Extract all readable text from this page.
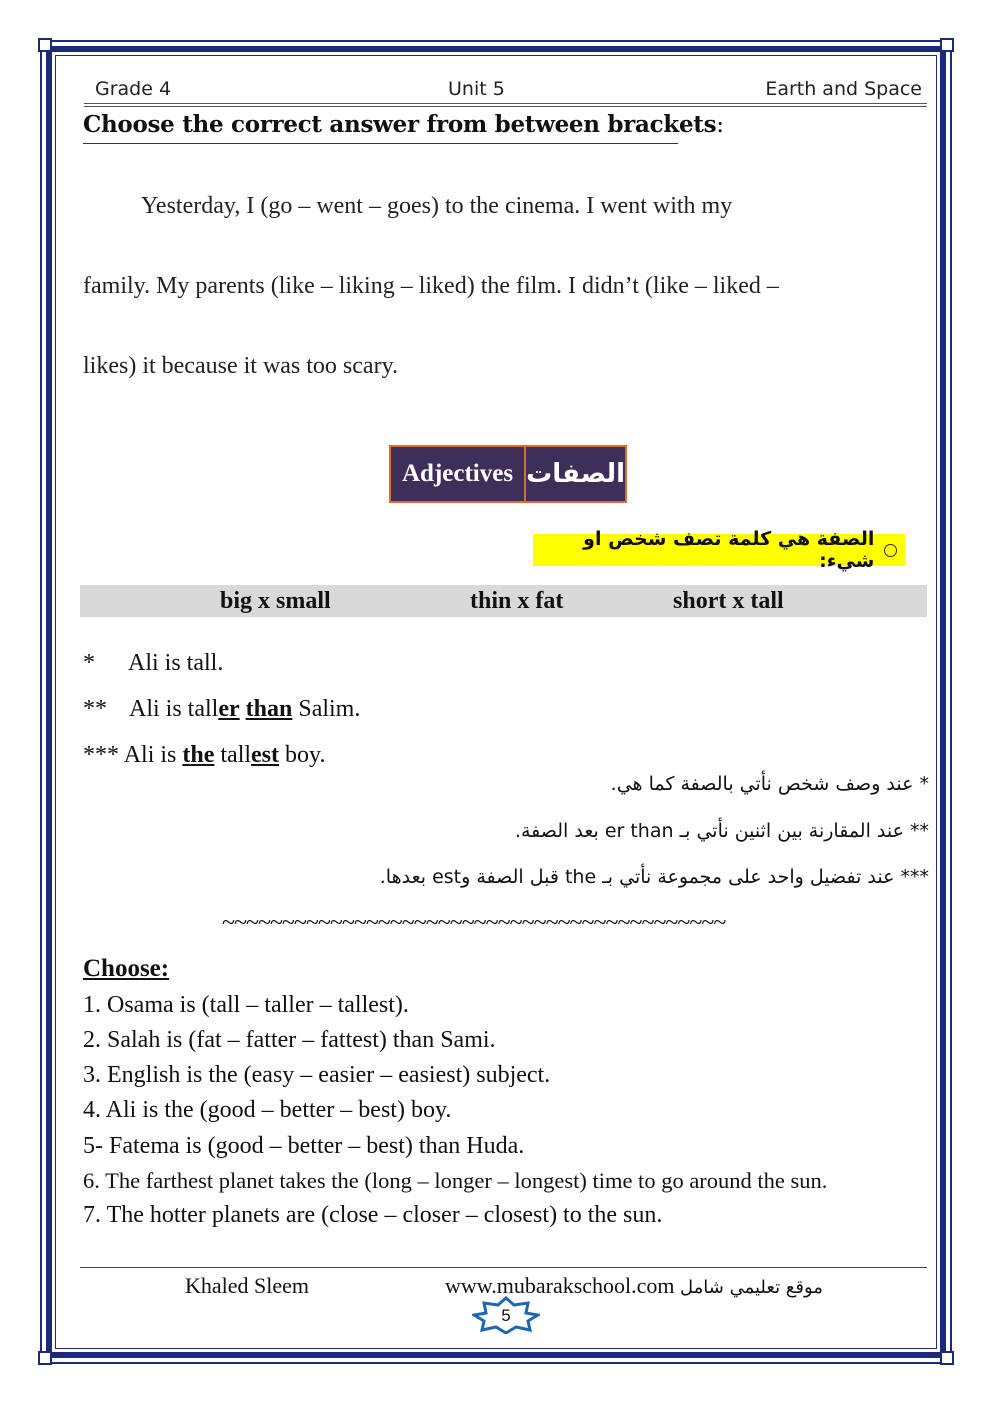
Grade 4	Unit 5	Earth and Space
Choose the correct answer from between brackets:
Yesterday, I (go – went – goes) to the cinema. I went with my
family. My parents (like – liking – liked) the film. I didn’t (like – liked –
likes) it because it was too scary.
Adjectives الصفات
الصفة هي كلمة تصف شخص او شيء:
big x small	thin x fat	short x tall
* Ali is tall.
** Ali is taller than Salim.
*** Ali is the tallest boy.
* عند وصف شخص نأتي بالصفة كما هي.
** عند المقارنة بين اثنين نأتي بـ er than بعد الصفة.
*** عند تفضيل واحد على مجموعة نأتي بـ the قبل الصفة وest بعدها.
~~~~~~~~~~~~~~~~~~~~~~~~~~~~~~~~~~~~~~~~~~
Choose:
1. Osama is (tall – taller – tallest).
2. Salah is (fat – fatter – fattest) than Sami.
3. English is the (easy – easier – easiest) subject.
4. Ali is the (good – better – best) boy.
5- Fatema is (good – better – best) than Huda.
6. The farthest planet takes the (long – longer – longest) time to go around the sun.
7. The hotter planets are (close – closer – closest) to the sun.
Khaled Sleem	www.mubarakschool.com موقع تعليمي شامل
5
